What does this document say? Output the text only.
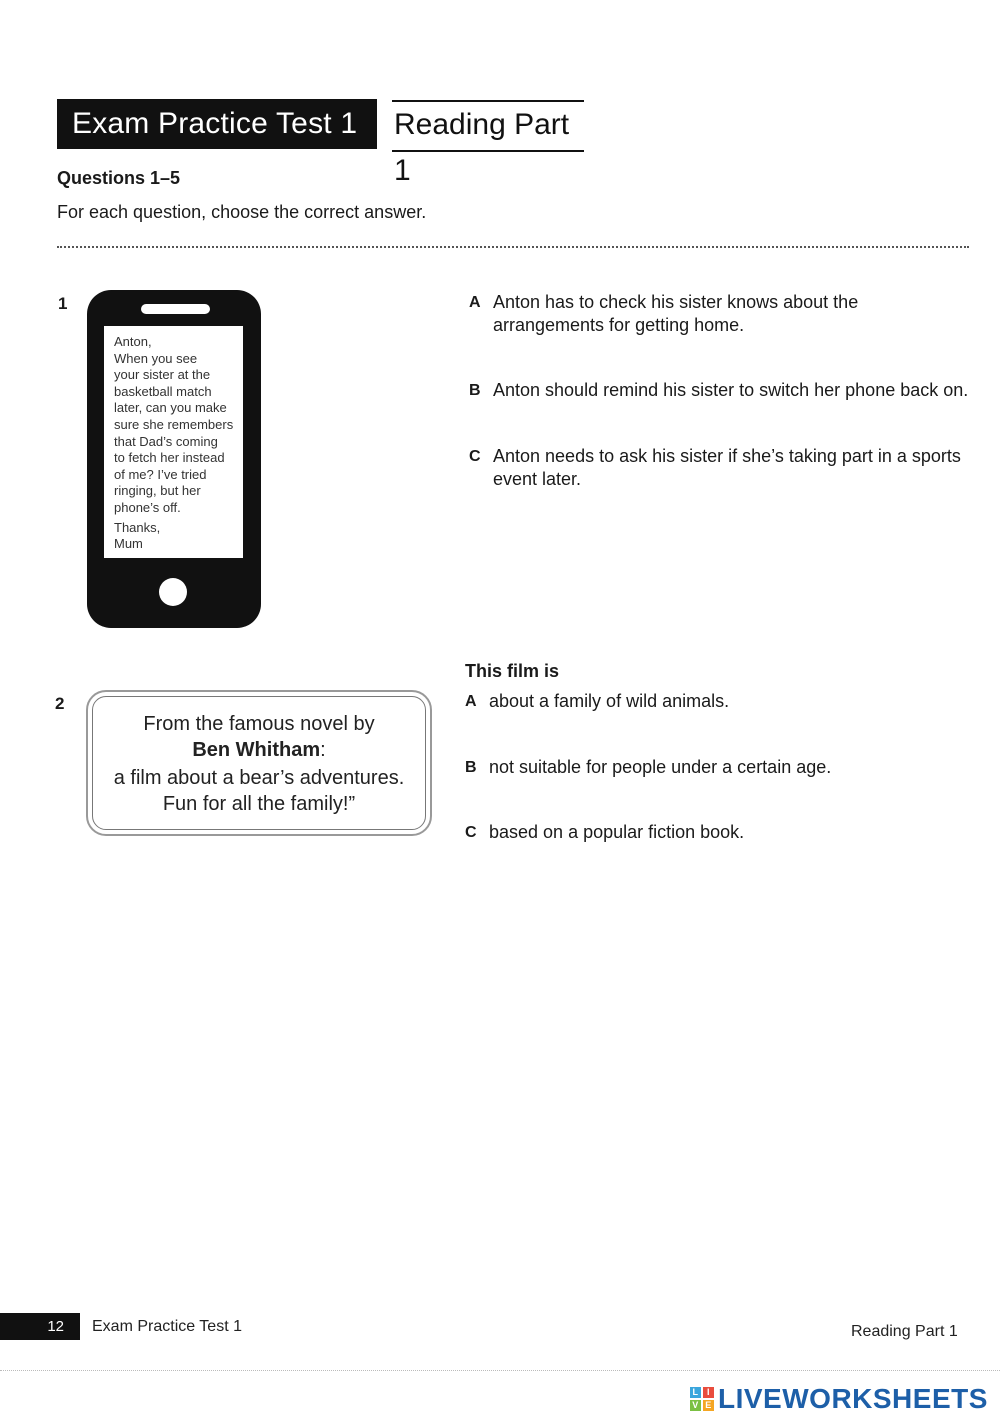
Exam Practice Test 1	Reading Part 1
Questions 1–5
For each question, choose the correct answer.
1

Anton,

When you see

your sister at the

basketball match

later, can you make

sure she remembers

that Dad’s coming

to fetch her instead

of me? I’ve tried

ringing, but her

phone’s off.

Thanks,

Mum

A Anton has to check his sister knows about the arrangements for getting home.
B Anton should remind his sister to switch her phone back on.
C Anton needs to ask his sister if she’s taking part in a sports event later.
2

From the famous novel by

Ben Whitham:

a film about a bear’s adventures.

Fun for all the family!”

This film is
A about a family of wild animals.
B not suitable for people under a certain age.
C based on a popular fiction book.
12	Exam Practice Test 1	Reading Part 1
L I
V E LIVEWORKSHEETS
